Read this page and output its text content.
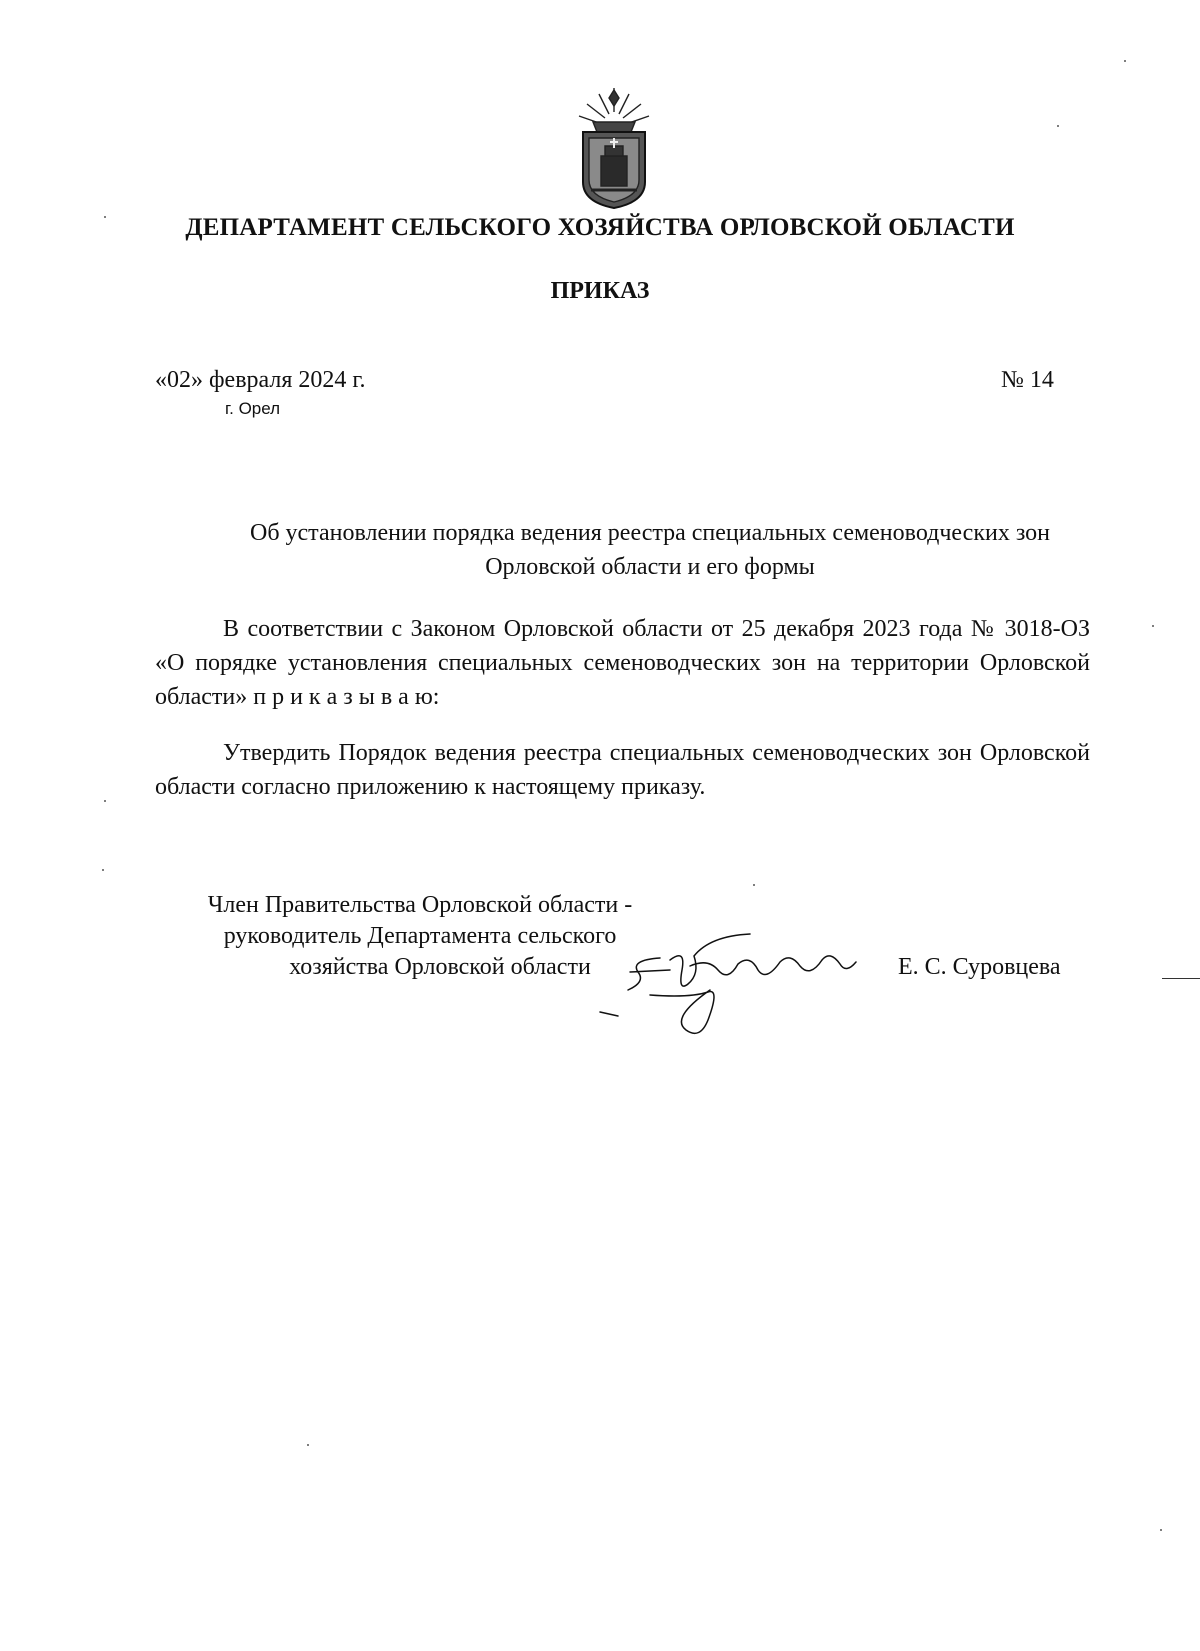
ДЕПАРТАМЕНТ СЕЛЬСКОГО ХОЗЯЙСТВА ОРЛОВСКОЙ ОБЛАСТИ
ПРИКАЗ
«02» февраля 2024 г.
г. Орел
№ 14
Об установлении порядка ведения реестра специальных семеноводческих зон Орловской области и его формы
В соответствии с Законом Орловской области от 25 декабря 2023 года № 3018-ОЗ «О порядке установления специальных семеноводческих зон на территории Орловской области» п р и к а з ы в а ю:
Утвердить Порядок ведения реестра специальных семеноводческих зон Орловской области согласно приложению к настоящему приказу.
Член Правительства Орловской области -
руководитель Департамента сельского
хозяйства Орловской области	Е. С. Суровцева
